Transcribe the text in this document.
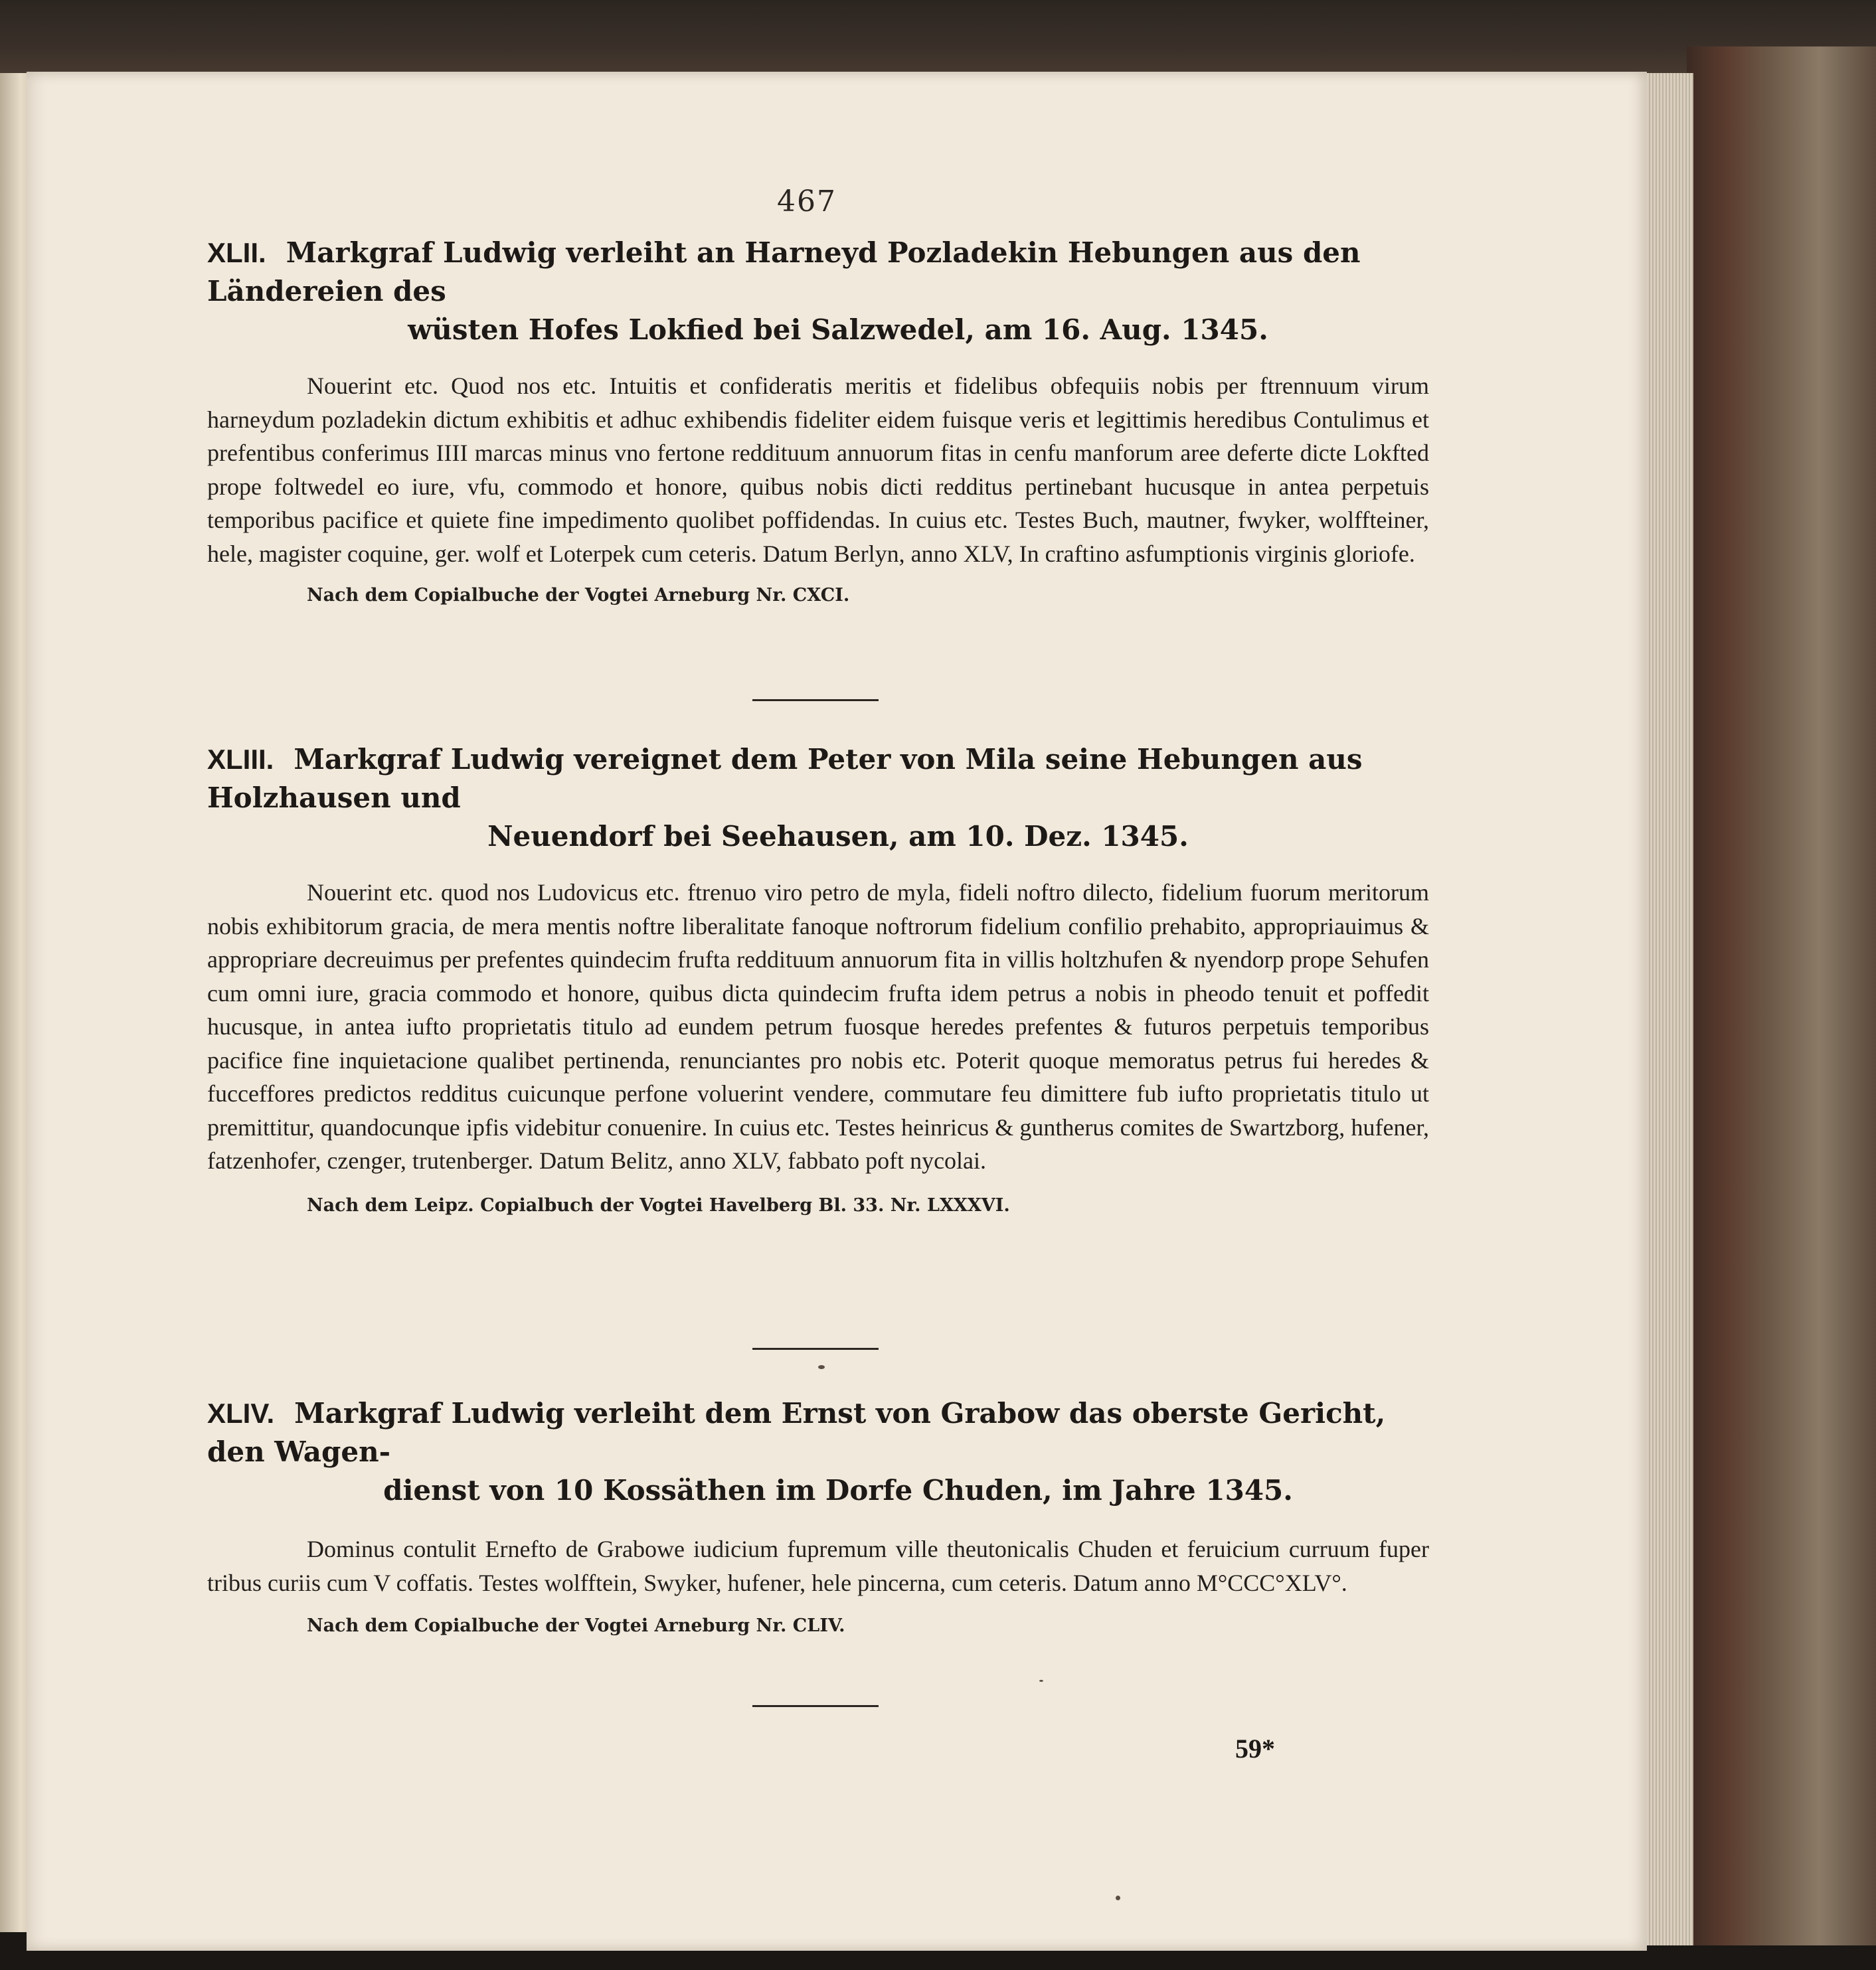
467
XLII. Markgraf Ludwig verleiht an Harneyd Pozladekin Hebungen aus den Ländereien des
wüsten Hofes Lokfied bei Salzwedel, am 16. Aug. 1345.

Nouerint etc. Quod nos etc. Intuitis et confideratis meritis et fidelibus obfequiis nobis per ftrennuum virum harneydum pozladekin dictum exhibitis et adhuc exhibendis fideliter eidem fuisque veris et legittimis heredibus Contulimus et prefentibus conferimus IIII marcas minus vno fertone reddituum annuorum fitas in cenfu manforum aree deferte dicte Lokfted prope foltwedel eo iure, vfu, commodo et honore, quibus nobis dicti redditus pertinebant hucusque in antea perpetuis temporibus pacifice et quiete fine impedimento quolibet poffidendas. In cuius etc. Testes Buch, mautner, fwyker, wolffteiner, hele, magister coquine, ger. wolf et Loterpek cum ceteris. Datum Berlyn, anno XLV, In craftino asfumptionis virginis gloriofe.

Nach dem Copialbuche der Vogtei Arneburg Nr. CXCI.
XLIII. Markgraf Ludwig vereignet dem Peter von Mila seine Hebungen aus Holzhausen und
Neuendorf bei Seehausen, am 10. Dez. 1345.

Nouerint etc. quod nos Ludovicus etc. ftrenuo viro petro de myla, fideli noftro dilecto, fidelium fuorum meritorum nobis exhibitorum gracia, de mera mentis noftre liberalitate fanoque noftrorum fidelium confilio prehabito, appropriauimus & appropriare decreuimus per prefentes quindecim frufta reddituum annuorum fita in villis holtzhufen & nyendorp prope Sehufen cum omni iure, gracia commodo et honore, quibus dicta quindecim frufta idem petrus a nobis in pheodo tenuit et poffedit hucusque, in antea iufto proprietatis titulo ad eundem petrum fuosque heredes prefentes & futuros perpetuis temporibus pacifice fine inquietacione qualibet pertinenda, renunciantes pro nobis etc. Poterit quoque memoratus petrus fui heredes & fucceffores predictos redditus cuicunque perfone voluerint vendere, commutare feu dimittere fub iufto proprietatis titulo ut premittitur, quandocunque ipfis videbitur conuenire. In cuius etc. Testes heinricus & guntherus comites de Swartzborg, hufener, fatzenhofer, czenger, trutenberger. Datum Belitz, anno XLV, fabbato poft nycolai.

Nach dem Leipz. Copialbuch der Vogtei Havelberg Bl. 33. Nr. LXXXVI.
XLIV. Markgraf Ludwig verleiht dem Ernst von Grabow das oberste Gericht, den Wagen-
dienst von 10 Kossäthen im Dorfe Chuden, im Jahre 1345.

Dominus contulit Ernefto de Grabowe iudicium fupremum ville theutonicalis Chuden et feruicium curruum fuper tribus curiis cum V coffatis. Testes wolfftein, Swyker, hufener, hele pincerna, cum ceteris. Datum anno M°CCC°XLV°.

Nach dem Copialbuche der Vogtei Arneburg Nr. CLIV.
59*
